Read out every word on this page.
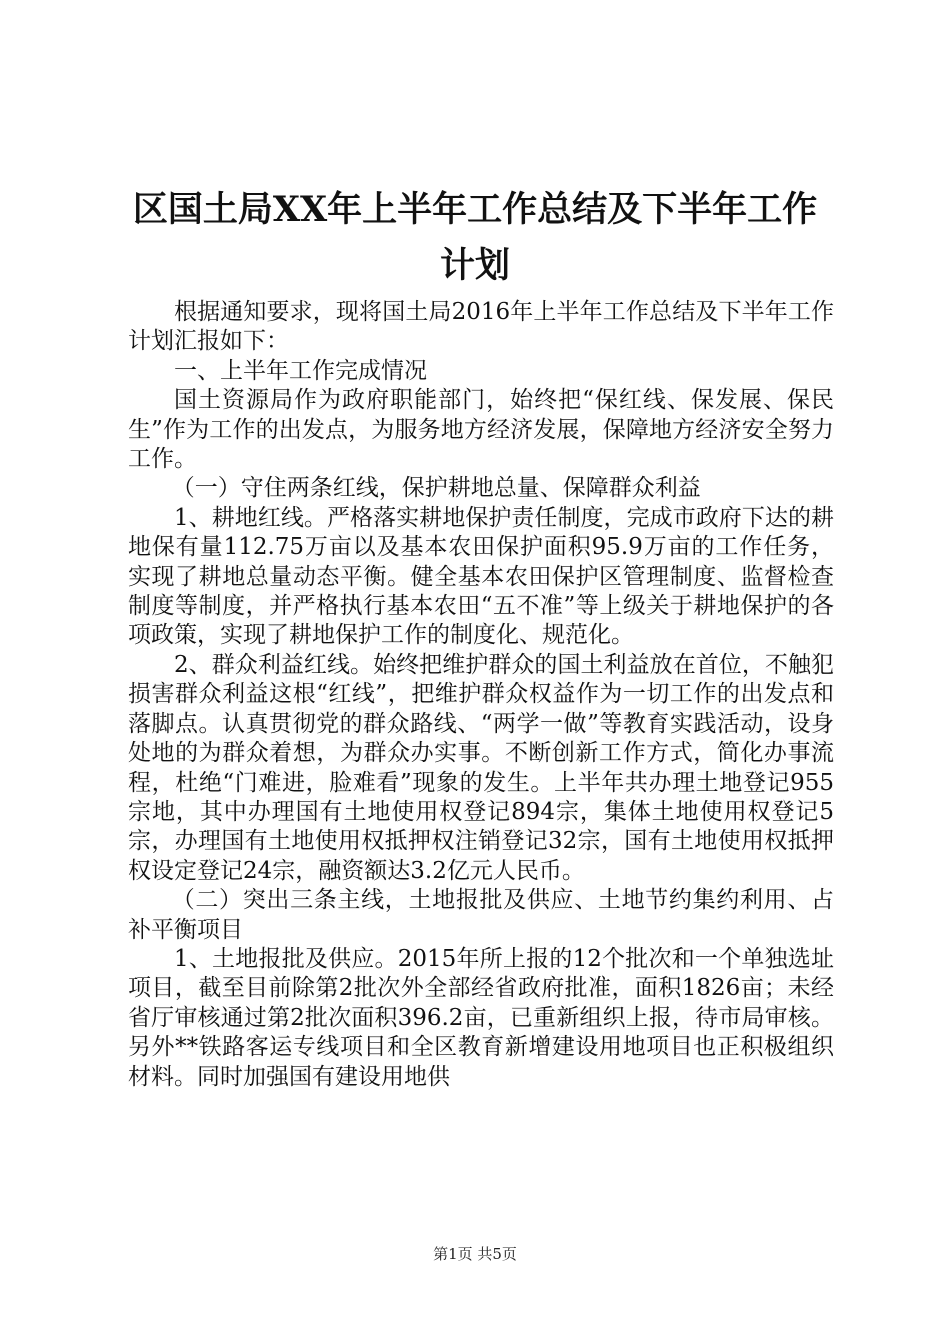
区国土局XX年上半年工作总结及下半年工作计划

根据通知要求，现将国土局2016年上半年工作总结及下半年工作计划汇报如下：

一、上半年工作完成情况

国土资源局作为政府职能部门，始终把“保红线、保发展、保民生”作为工作的出发点，为服务地方经济发展，保障地方经济安全努力工作。

（一）守住两条红线，保护耕地总量、保障群众利益

1、耕地红线。严格落实耕地保护责任制度，完成市政府下达的耕地保有量112.75万亩以及基本农田保护面积95.9万亩的工作任务，实现了耕地总量动态平衡。健全基本农田保护区管理制度、监督检查制度等制度，并严格执行基本农田“五不准”等上级关于耕地保护的各项政策，实现了耕地保护工作的制度化、规范化。

2、群众利益红线。始终把维护群众的国土利益放在首位，不触犯损害群众利益这根“红线”，把维护群众权益作为一切工作的出发点和落脚点。认真贯彻党的群众路线、“两学一做”等教育实践活动，设身处地的为群众着想，为群众办实事。不断创新工作方式，简化办事流程，杜绝“门难进，脸难看”现象的发生。上半年共办理土地登记955宗地，其中办理国有土地使用权登记894宗，集体土地使用权登记5宗，办理国有土地使用权抵押权注销登记32宗，国有土地使用权抵押权设定登记24宗，融资额达3.2亿元人民币。

（二）突出三条主线，土地报批及供应、土地节约集约利用、占补平衡项目

1、土地报批及供应。2015年所上报的12个批次和一个单独选址项目，截至目前除第2批次外全部经省政府批准，面积1826亩；未经省厅审核通过第2批次面积396.2亩，已重新组织上报，待市局审核。另外**铁路客运专线项目和全区教育新增建设用地项目也正积极组织材料。同时加强国有建设用地供

第1页 共5页
